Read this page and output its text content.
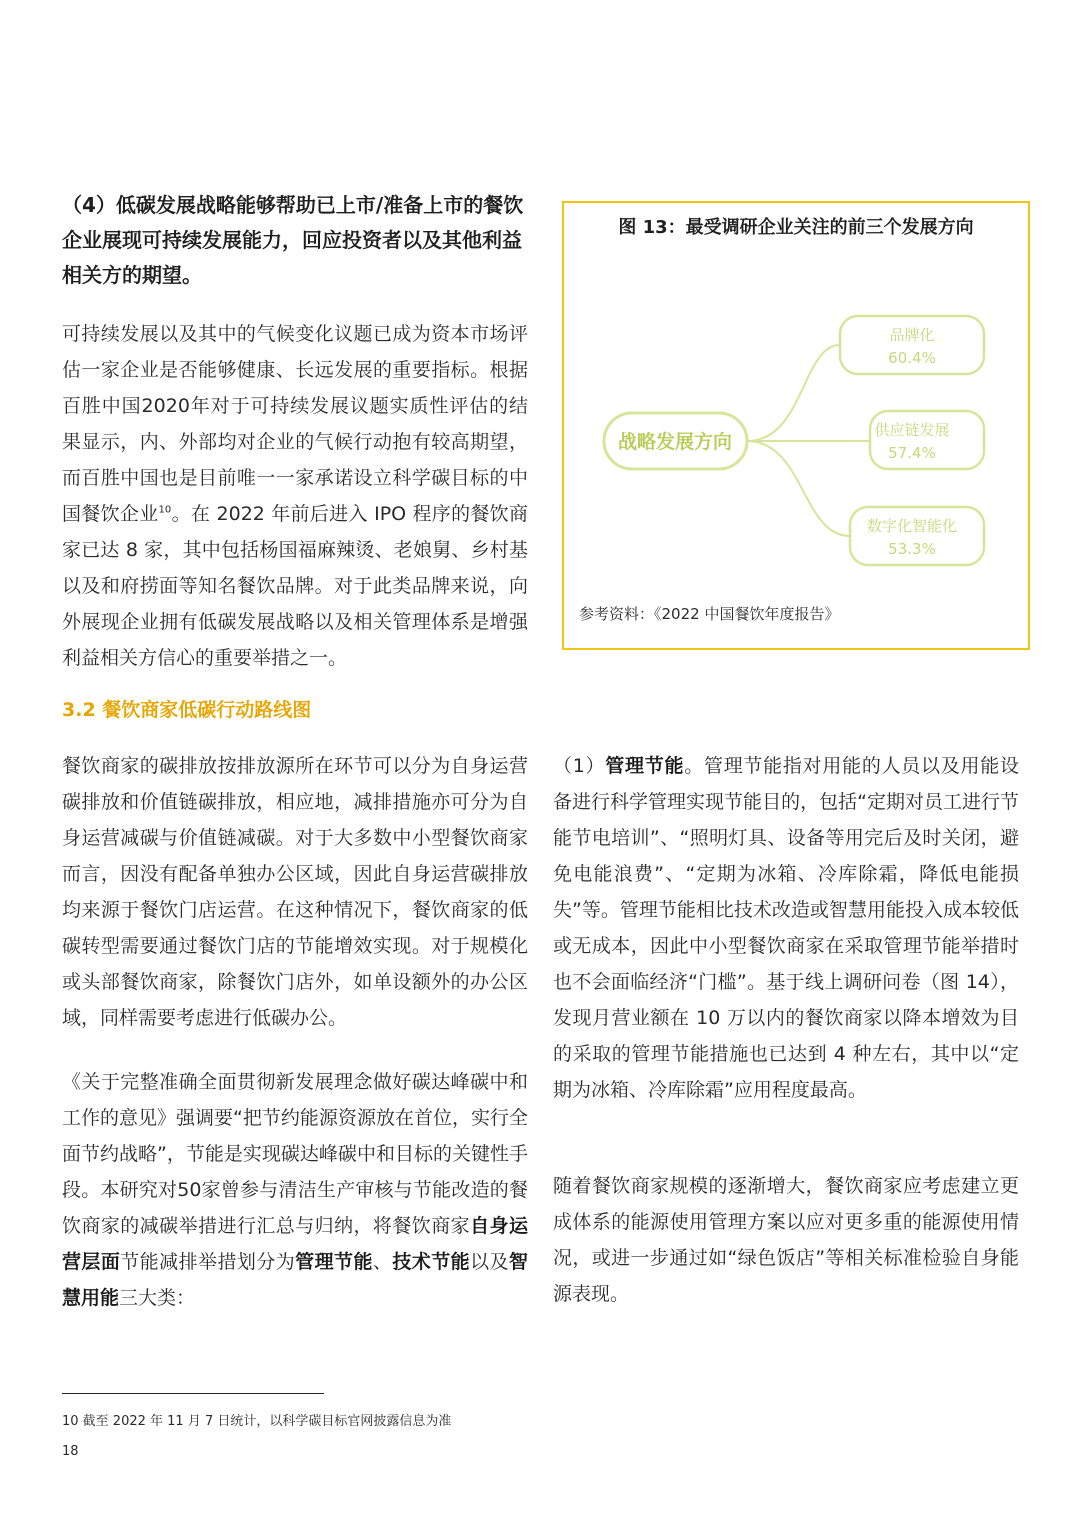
（4）低碳发展战略能够帮助已上市/准备上市的餐饮企业展现可持续发展能力，回应投资者以及其他利益相关方的期望。
可持续发展以及其中的气候变化议题已成为资本市场评估一家企业是否能够健康、长远发展的重要指标。根据百胜中国2020年对于可持续发展议题实质性评估的结果显示，内、外部均对企业的气候行动抱有较高期望，而百胜中国也是目前唯一一家承诺设立科学碳目标的中国餐饮企业$^{10}$。在 2022 年前后进入 IPO 程序的餐饮商家已达 8 家，其中包括杨国福麻辣烫、老娘舅、乡村基以及和府捞面等知名餐饮品牌。对于此类品牌来说，向外展现企业拥有低碳发展战略以及相关管理体系是增强利益相关方信心的重要举措之一。
3.2 餐饮商家低碳行动路线图
餐饮商家的碳排放按排放源所在环节可以分为自身运营碳排放和价值链碳排放，相应地，减排措施亦可分为自身运营减碳与价值链减碳。对于大多数中小型餐饮商家而言，因没有配备单独办公区域，因此自身运营碳排放均来源于餐饮门店运营。在这种情况下，餐饮商家的低碳转型需要通过餐饮门店的节能增效实现。对于规模化或头部餐饮商家，除餐饮门店外，如单设额外的办公区域，同样需要考虑进行低碳办公。
《关于完整准确全面贯彻新发展理念做好碳达峰碳中和工作的意见》强调要“把节约能源资源放在首位，实行全面节约战略”，节能是实现碳达峰碳中和目标的关键性手段。本研究对50家曾参与清洁生产审核与节能改造的餐饮商家的减碳举措进行汇总与归纳，将餐饮商家自身运营层面节能减排举措划分为管理节能、技术节能以及智慧用能三大类：
（1）管理节能。管理节能指对用能的人员以及用能设备进行科学管理实现节能目的，包括“定期对员工进行节能节电培训”、“照明灯具、设备等用完后及时关闭，避免电能浪费”、“定期为冰箱、冷库除霜，降低电能损失”等。管理节能相比技术改造或智慧用能投入成本较低或无成本，因此中小型餐饮商家在采取管理节能举措时也不会面临经济“门槛”。基于线上调研问卷（图 14），发现月营业额在 10 万以内的餐饮商家以降本增效为目的采取的管理节能措施也已达到 4 种左右，其中以“定期为冰箱、冷库除霜”应用程度最高。
随着餐饮商家规模的逐渐增大，餐饮商家应考虑建立更成体系的能源使用管理方案以应对更多重的能源使用情况，或进一步通过如“绿色饭店”等相关标准检验自身能源表现。
图 13：最受调研企业关注的前三个发展方向
战略发展方向
品牌化
60.4%
供应链发展
57.4%
数字化智能化
53.3%
参考资料：《2022 中国餐饮年度报告》
10 截至 2022 年 11 月 7 日统计，以科学碳目标官网披露信息为准
18
